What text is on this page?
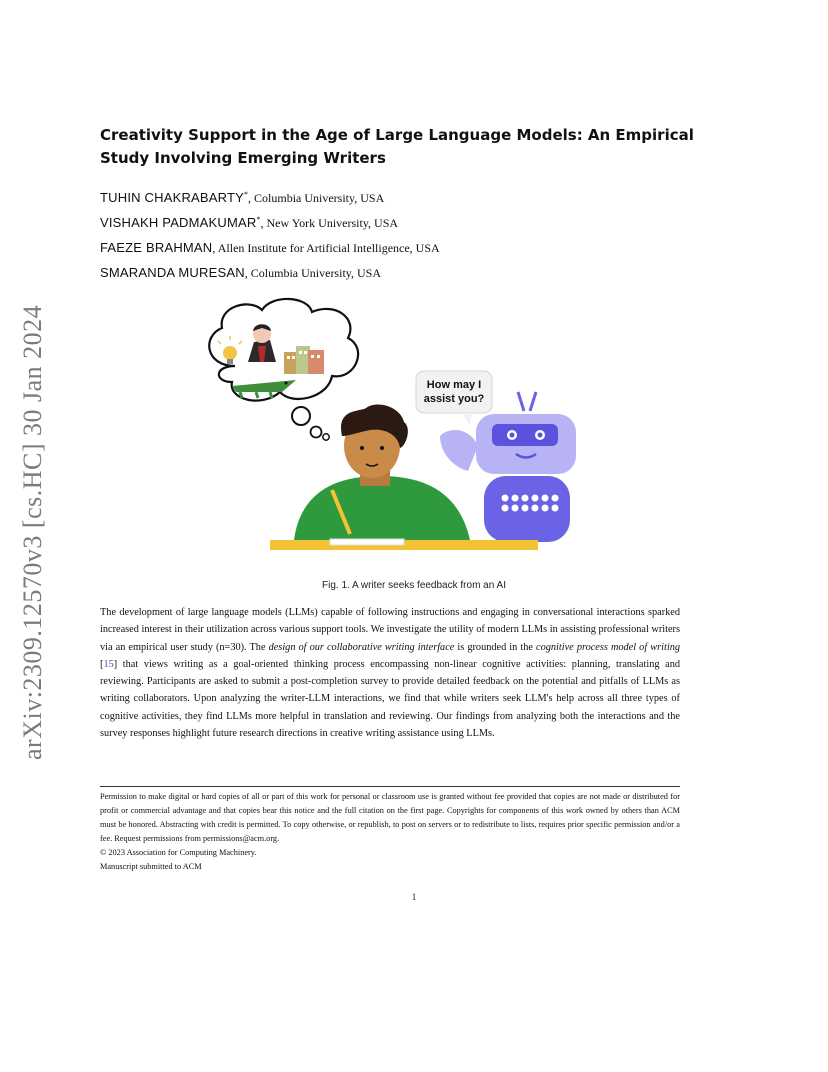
arXiv:2309.12570v3 [cs.HC] 30 Jan 2024
Creativity Support in the Age of Large Language Models: An Empirical Study Involving Emerging Writers
TUHIN CHAKRABARTY*, Columbia University, USA
VISHAKH PADMAKUMAR*, New York University, USA
FAEZE BRAHMAN, Allen Institute for Artificial Intelligence, USA
SMARANDA MURESAN, Columbia University, USA
How may I
assist you?
Fig. 1. A writer seeks feedback from an AI
The development of large language models (LLMs) capable of following instructions and engaging in conversational interactions sparked increased interest in their utilization across various support tools. We investigate the utility of modern LLMs in assisting professional writers via an empirical user study (n=30). The design of our collaborative writing interface is grounded in the cognitive process model of writing [15] that views writing as a goal-oriented thinking process encompassing non-linear cognitive activities: planning, translating and reviewing. Participants are asked to submit a post-completion survey to provide detailed feedback on the potential and pitfalls of LLMs as writing collaborators. Upon analyzing the writer-LLM interactions, we find that while writers seek LLM's help across all three types of cognitive activities, they find LLMs more helpful in translation and reviewing. Our findings from analyzing both the interactions and the survey responses highlight future research directions in creative writing assistance using LLMs.
Permission to make digital or hard copies of all or part of this work for personal or classroom use is granted without fee provided that copies are not made or distributed for profit or commercial advantage and that copies bear this notice and the full citation on the first page. Copyrights for components of this work owned by others than ACM must be honored. Abstracting with credit is permitted. To copy otherwise, or republish, to post on servers or to redistribute to lists, requires prior specific permission and/or a fee. Request permissions from permissions@acm.org.
© 2023 Association for Computing Machinery.
Manuscript submitted to ACM
1
